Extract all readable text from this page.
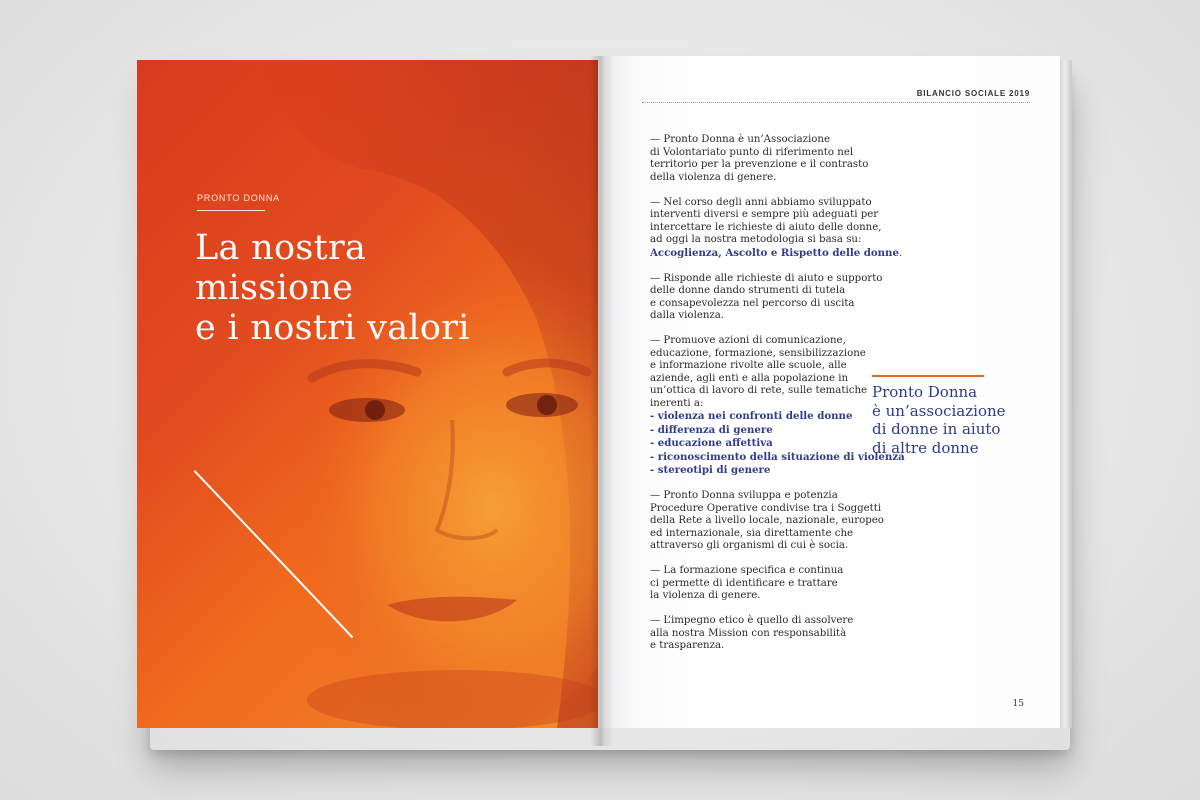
PRONTO DONNA
La nostra
missione
e i nostri valori
BILANCIO SOCIALE 2019
— Pronto Donna è un’Associazione
di Volontariato punto di riferimento nel
territorio per la prevenzione e il contrasto
della violenza di genere.
— Nel corso degli anni abbiamo sviluppato
interventi diversi e sempre più adeguati per
intercettare le richieste di aiuto delle donne,
ad oggi la nostra metodologia si basa su:
Accoglienza, Ascolto e Rispetto delle donne.
— Risponde alle richieste di aiuto e supporto
delle donne dando strumenti di tutela
e consapevolezza nel percorso di uscita
dalla violenza.
— Promuove azioni di comunicazione,
educazione, formazione, sensibilizzazione
e informazione rivolte alle scuole, alle
aziende, agli enti e alla popolazione in
un’ottica di lavoro di rete, sulle tematiche
inerenti a:
- violenza nei confronti delle donne
- differenza di genere
- educazione affettiva
- riconoscimento della situazione di violenza
- stereotipi di genere
— Pronto Donna sviluppa e potenzia
Procedure Operative condivise tra i Soggetti
della Rete a livello locale, nazionale, europeo
ed internazionale, sia direttamente che
attraverso gli organismi di cui è socia.
— La formazione specifica e continua
ci permette di identificare e trattare
la violenza di genere.
— L’impegno etico è quello di assolvere
alla nostra Mission con responsabilità
e trasparenza.
Pronto Donna
è un’associazione
di donne in aiuto
di altre donne
15
